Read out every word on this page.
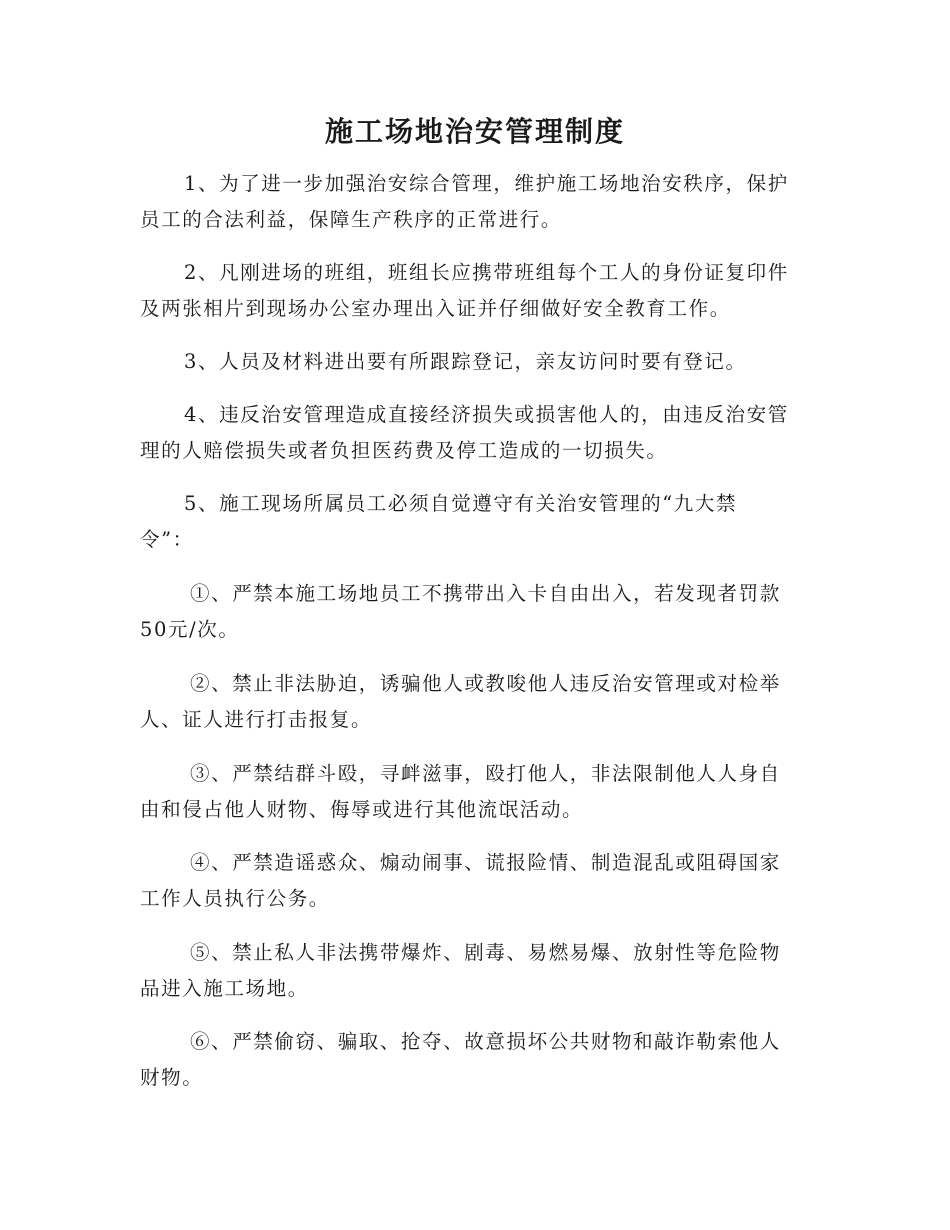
施工场地治安管理制度

1、为了进一步加强治安综合管理，维护施工场地治安秩序，保护
员工的合法利益，保障生产秩序的正常进行。

2、凡刚进场的班组，班组长应携带班组每个工人的身份证复印件
及两张相片到现场办公室办理出入证并仔细做好安全教育工作。

3、人员及材料进出要有所跟踪登记，亲友访问时要有登记。

4、违反治安管理造成直接经济损失或损害他人的，由违反治安管
理的人赔偿损失或者负担医药费及停工造成的一切损失。

5、施工现场所属员工必须自觉遵守有关治安管理的“九大禁
令”：

①、严禁本施工场地员工不携带出入卡自由出入，若发现者罚款
50元/次。

②、禁止非法胁迫，诱骗他人或教唆他人违反治安管理或对检举
人、证人进行打击报复。

③、严禁结群斗殴，寻衅滋事，殴打他人，非法限制他人人身自
由和侵占他人财物、侮辱或进行其他流氓活动。

④、严禁造谣惑众、煽动闹事、谎报险情、制造混乱或阻碍国家
工作人员执行公务。

⑤、禁止私人非法携带爆炸、剧毒、易燃易爆、放射性等危险物
品进入施工场地。

⑥、严禁偷窃、骗取、抢夺、故意损坏公共财物和敲诈勒索他人
财物。
